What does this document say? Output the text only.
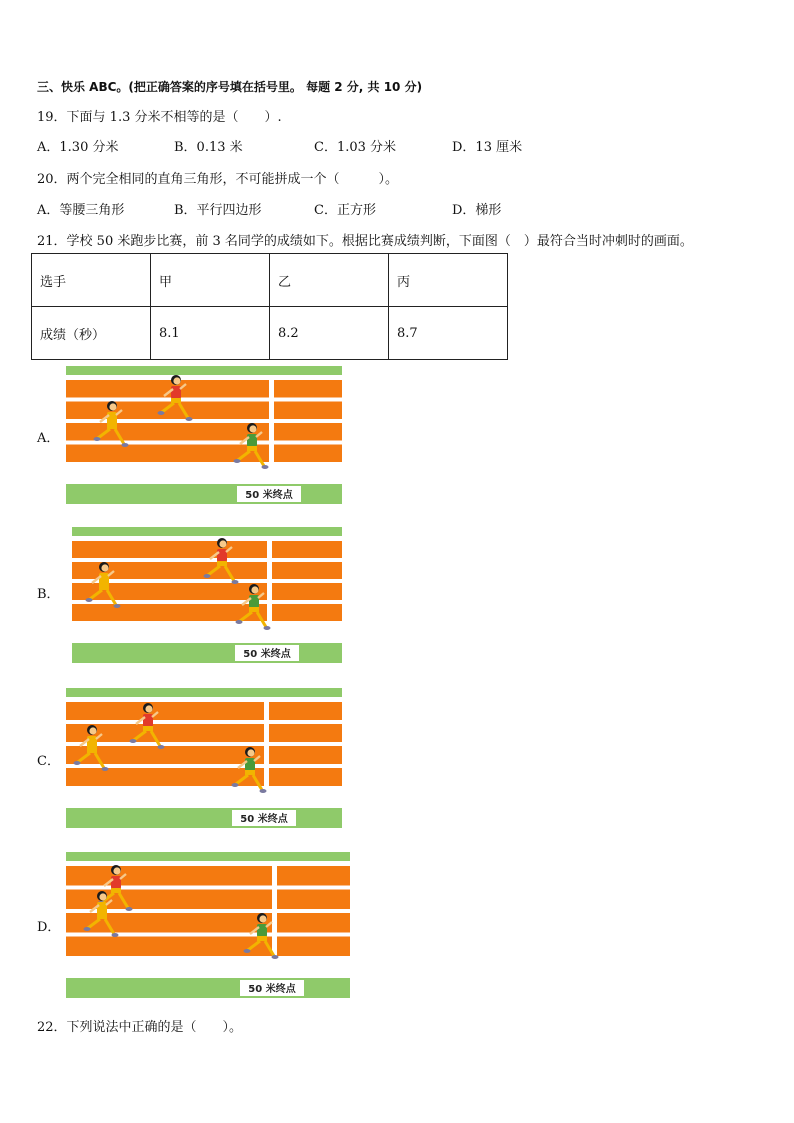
三、快乐 ABC。(把正确答案的序号填在括号里。 每题 2 分, 共 10 分)
19．下面与 1.3 分米不相等的是（　　）.

A．1.30 分米

	B．0.13 米

	C．1.03 分米

	D．13 厘米

20．两个完全相同的直角三角形，不可能拼成一个（　　　）。

A．等腰三角形

	B．平行四边形

	C．正方形

	D．梯形

21．学校 50 米跑步比赛，前 3 名同学的成绩如下。根据比赛成绩判断，下面图（　）最符合当时冲刺时的画面。
选手	甲	乙	丙
成绩（秒）	8.1	8.2	8.7
A．
B．
C．
D．
50 米终点
50 米终点
50 米终点
50 米终点
22．下列说法中正确的是（　　）。
